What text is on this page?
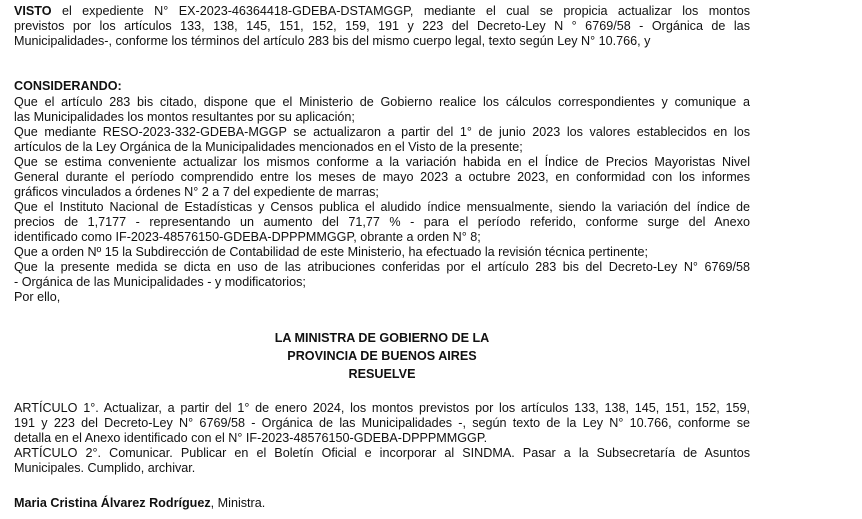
VISTO el expediente N° EX-2023-46364418-GDEBA-DSTAMGGP, mediante el cual se propicia actualizar los montos

previstos por los artículos 133, 138, 145, 151, 152, 159, 191 y 223 del Decreto-Ley N ° 6769/58 - Orgánica de las

Municipalidades-, conforme los términos del artículo 283 bis del mismo cuerpo legal, texto según Ley N° 10.766, y

CONSIDERANDO:

Que el artículo 283 bis citado, dispone que el Ministerio de Gobierno realice los cálculos correspondientes y comunique a

las Municipalidades los montos resultantes por su aplicación;

Que mediante RESO-2023-332-GDEBA-MGGP se actualizaron a partir del 1° de junio 2023 los valores establecidos en los

artículos de la Ley Orgánica de la Municipalidades mencionados en el Visto de la presente;

Que se estima conveniente actualizar los mismos conforme a la variación habida en el Índice de Precios Mayoristas Nivel

General durante el período comprendido entre los meses de mayo 2023 a octubre 2023, en conformidad con los informes

gráficos vinculados a órdenes N° 2 a 7 del expediente de marras;

Que el Instituto Nacional de Estadísticas y Censos publica el aludido índice mensualmente, siendo la variación del índice de

precios de 1,7177 - representando un aumento del 71,77 % - para el período referido, conforme surge del Anexo

identificado como IF-2023-48576150-GDEBA-DPPPMMGGP, obrante a orden N° 8;

Que a orden Nº 15 la Subdirección de Contabilidad de este Ministerio, ha efectuado la revisión técnica pertinente;

Que la presente medida se dicta en uso de las atribuciones conferidas por el artículo 283 bis del Decreto-Ley N° 6769/58

- Orgánica de las Municipalidades - y modificatorios;

Por ello,

LA MINISTRA DE GOBIERNO DE LA

PROVINCIA DE BUENOS AIRES

RESUELVE

ARTÍCULO 1°. Actualizar, a partir del 1° de enero 2024, los montos previstos por los artículos 133, 138, 145, 151, 152, 159,

191 y 223 del Decreto-Ley N° 6769/58 - Orgánica de las Municipalidades -, según texto de la Ley N° 10.766, conforme se

detalla en el Anexo identificado con el N° IF-2023-48576150-GDEBA-DPPPMMGGP.

ARTÍCULO 2°. Comunicar. Publicar en el Boletín Oficial e incorporar al SINDMA. Pasar a la Subsecretaría de Asuntos

Municipales. Cumplido, archivar.

Maria Cristina Álvarez Rodríguez, Ministra.
